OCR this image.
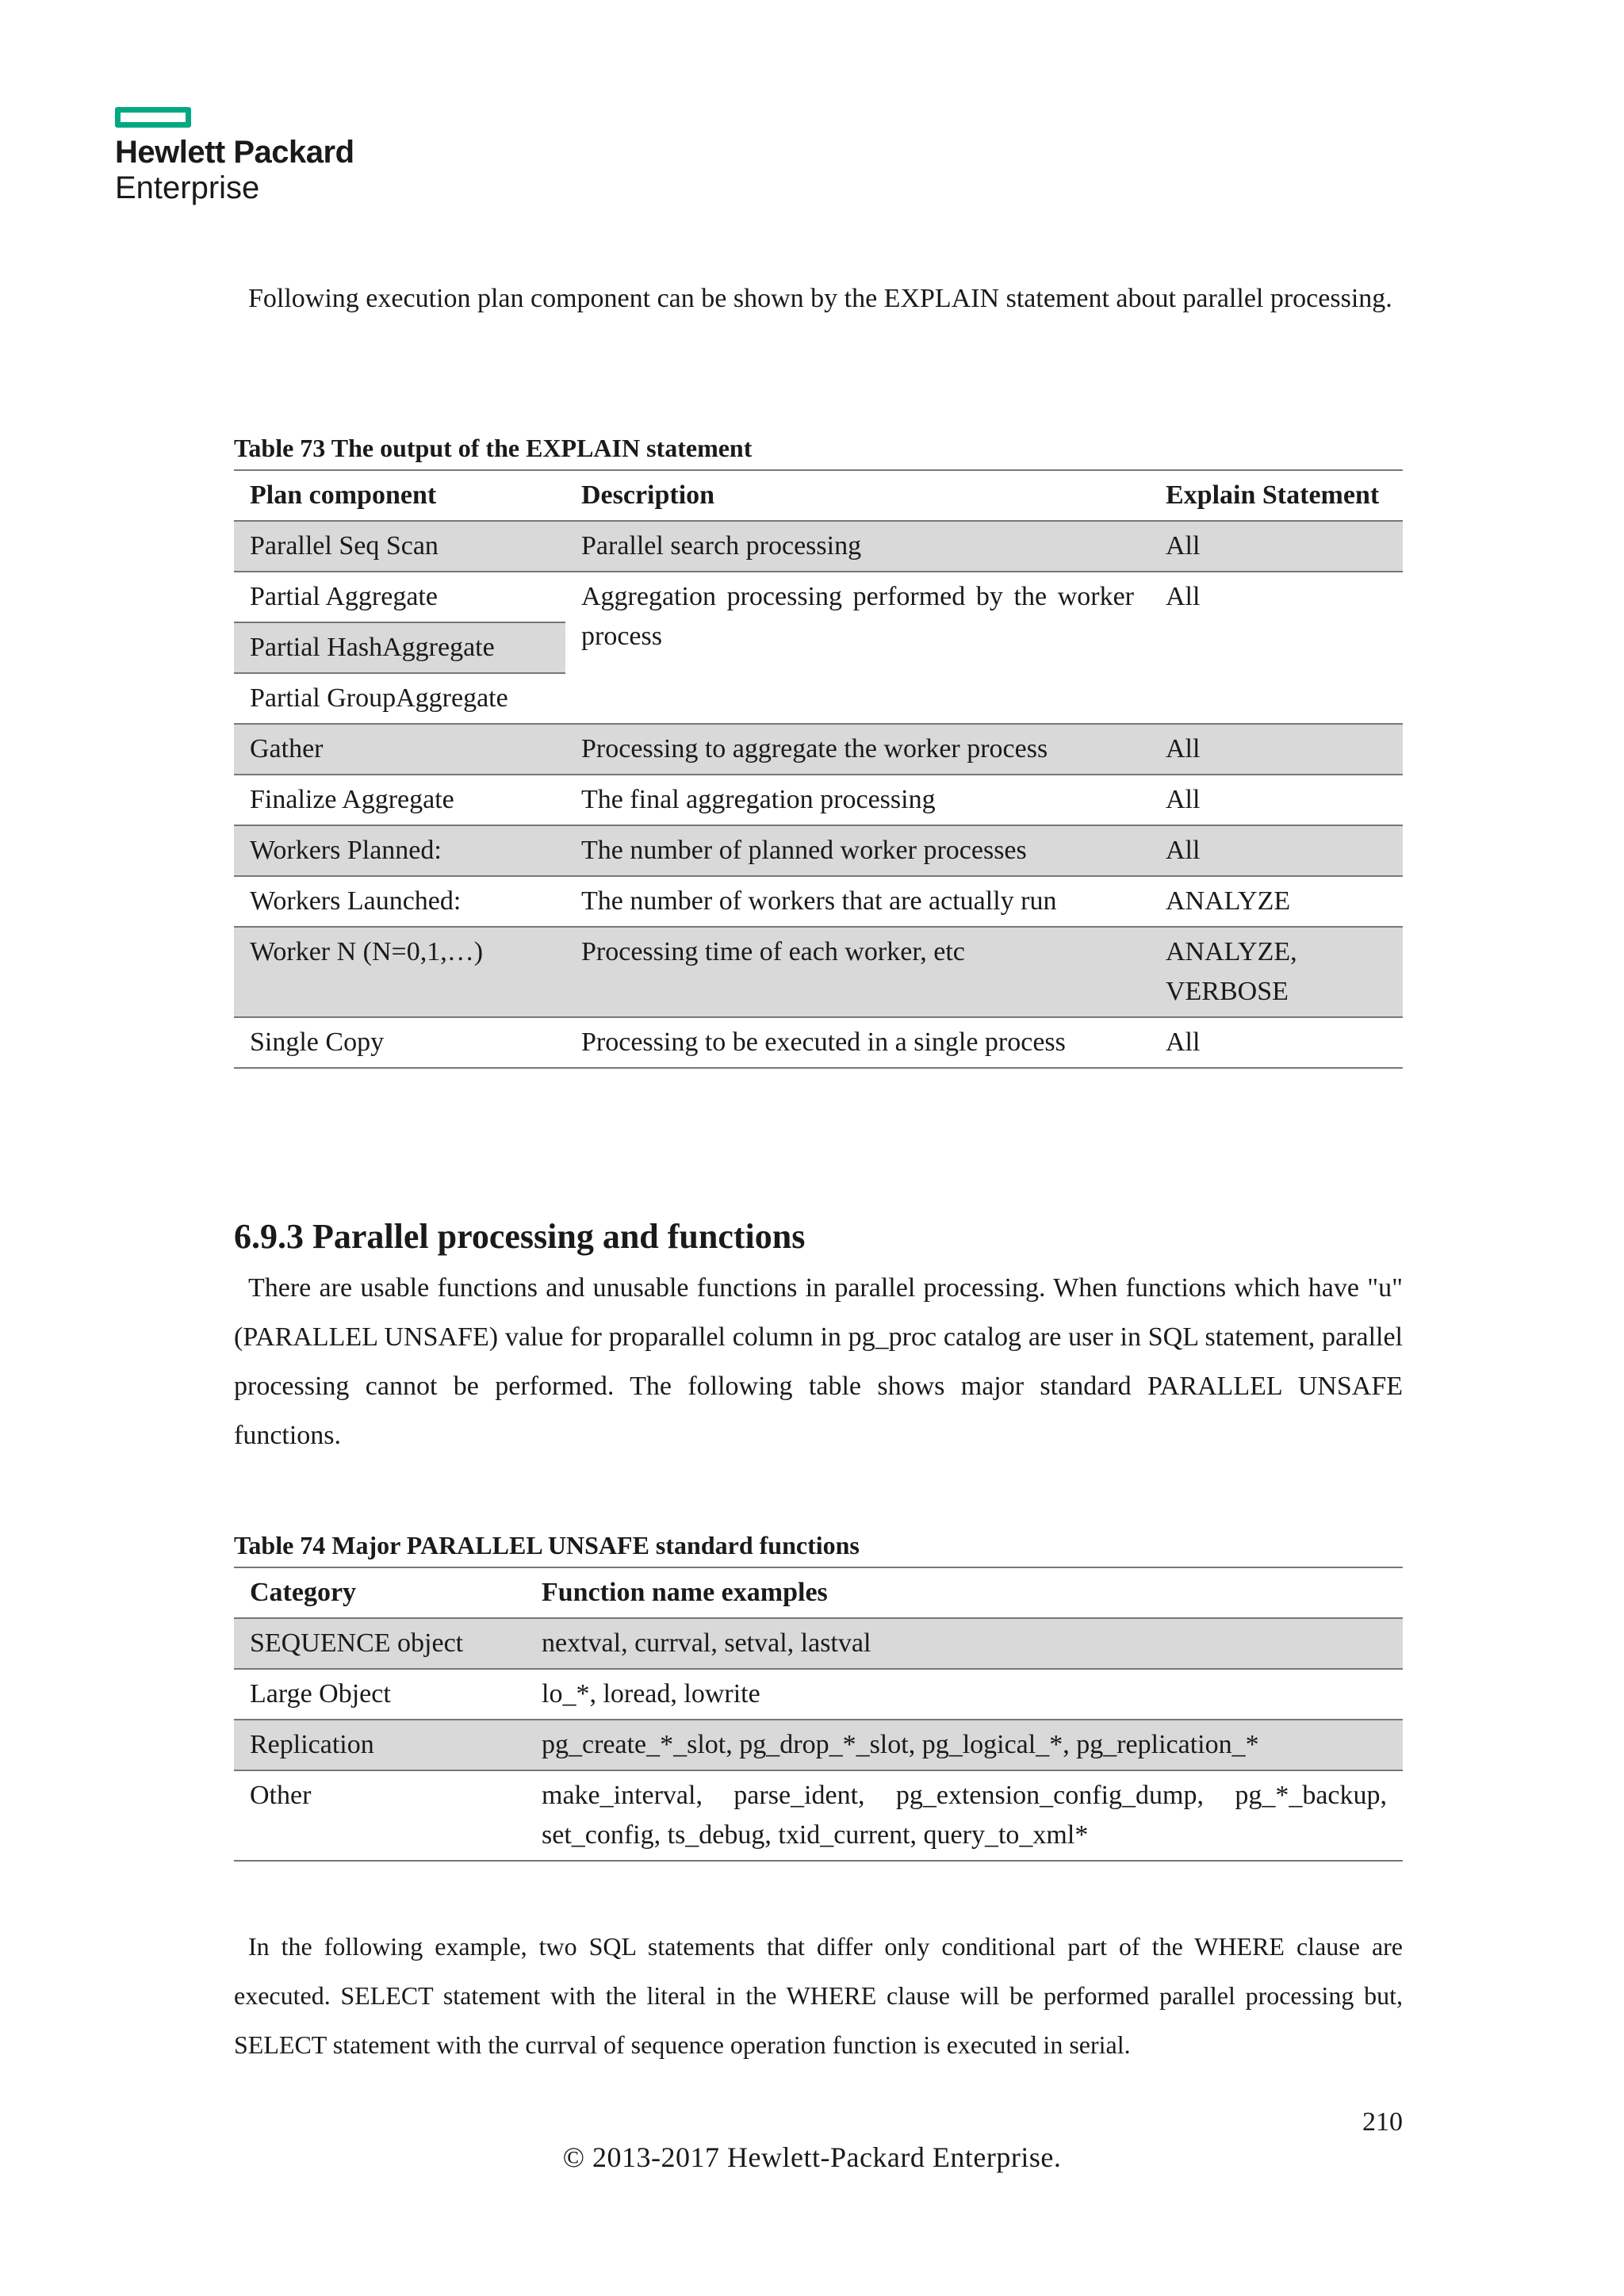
Hewlett Packard
Enterprise

Following execution plan component can be shown by the EXPLAIN statement about parallel processing.

Table 73 The output of the EXPLAIN statement

Plan component	Description	Explain Statement
Parallel Seq Scan	Parallel search processing	All
Partial Aggregate	Aggregation processing performed by the worker process	All
Partial HashAggregate		
Partial GroupAggregate		
Gather	Processing to aggregate the worker process	All
Finalize Aggregate	The final aggregation processing	All
Workers Planned:	The number of planned worker processes	All
Workers Launched:	The number of workers that are actually run	ANALYZE
Worker N (N=0,1,…)	Processing time of each worker, etc	ANALYZE, VERBOSE
Single Copy	Processing to be executed in a single process	All
6.9.3 Parallel processing and functions

There are usable functions and unusable functions in parallel processing. When functions which have "u" (PARALLEL UNSAFE) value for proparallel column in pg_proc catalog are user in SQL statement, parallel processing cannot be performed. The following table shows major standard PARALLEL UNSAFE functions.

Table 74 Major PARALLEL UNSAFE standard functions

Category	Function name examples
SEQUENCE object	nextval, currval, setval, lastval
Large Object	lo_*, loread, lowrite
Replication	pg_create_*_slot, pg_drop_*_slot, pg_logical_*, pg_replication_*
Other	make_interval, parse_ident, pg_extension_config_dump, pg_*_backup, set_config, ts_debug, txid_current, query_to_xml*

In the following example, two SQL statements that differ only conditional part of the WHERE clause are executed. SELECT statement with the literal in the WHERE clause will be performed parallel processing but, SELECT statement with the currval of sequence operation function is executed in serial.

210
© 2013-2017 Hewlett-Packard Enterprise.
